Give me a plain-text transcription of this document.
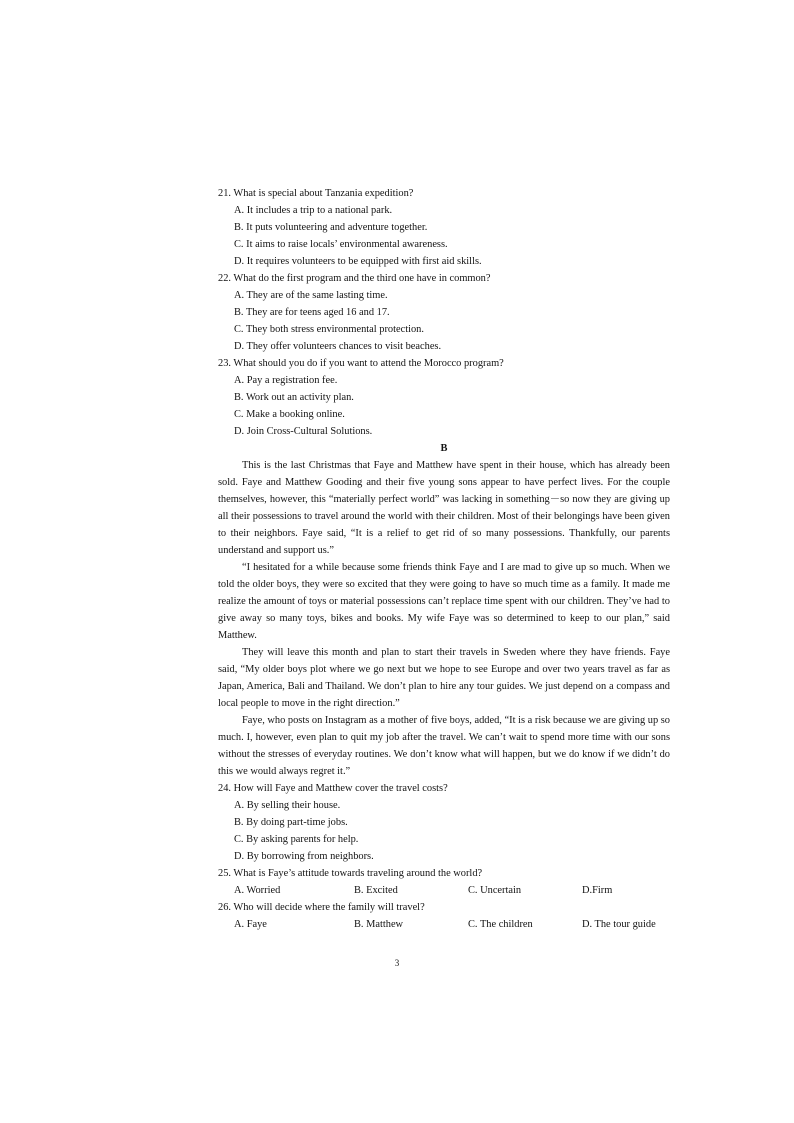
21. What is special about Tanzania expedition?
A. It includes a trip to a national park.
B. It puts volunteering and adventure together.
C. It aims to raise locals’ environmental awareness.
D. It requires volunteers to be equipped with first aid skills.
22. What do the first program and the third one have in common?
A. They are of the same lasting time.
B. They are for teens aged 16 and 17.
C. They both stress environmental protection.
D. They offer volunteers chances to visit beaches.
23. What should you do if you want to attend the Morocco program?
A. Pay a registration fee.
B. Work out an activity plan.
C. Make a booking online.
D. Join Cross-Cultural Solutions.
B

This is the last Christmas that Faye and Matthew have spent in their house, which has already been sold. Faye and Matthew Gooding and their five young sons appear to have perfect lives. For the couple themselves, however, this “materially perfect world” was lacking in something－so now they are giving up all their possessions to travel around the world with their children. Most of their belongings have been given to their neighbors. Faye said, “It is a relief to get rid of so many possessions. Thankfully, our parents understand and support us.”

“I hesitated for a while because some friends think Faye and I are mad to give up so much. When we told the older boys, they were so excited that they were going to have so much time as a family. It made me realize the amount of toys or material possessions can’t replace time spent with our children. They’ve had to give away so many toys, bikes and books. My wife Faye was so determined to keep to our plan,” said Matthew.

They will leave this month and plan to start their travels in Sweden where they have friends. Faye said, “My older boys plot where we go next but we hope to see Europe and over two years travel as far as Japan, America, Bali and Thailand. We don’t plan to hire any tour guides. We just depend on a compass and local people to move in the right direction.”

Faye, who posts on Instagram as a mother of five boys, added, “It is a risk because we are giving up so much. I, however, even plan to quit my job after the travel. We can’t wait to spend more time with our sons without the stresses of everyday routines. We don’t know what will happen, but we do know if we didn’t do this we would always regret it.”

24. How will Faye and Matthew cover the travel costs?
A. By selling their house.
B. By doing part-time jobs.
C. By asking parents for help.
D. By borrowing from neighbors.
25. What is Faye’s attitude towards traveling around the world?
A. Worried	B. Excited	C. Uncertain	D.Firm
26. Who will decide where the family will travel?
A. Faye	B. Matthew	C. The children	D. The tour guide
3
